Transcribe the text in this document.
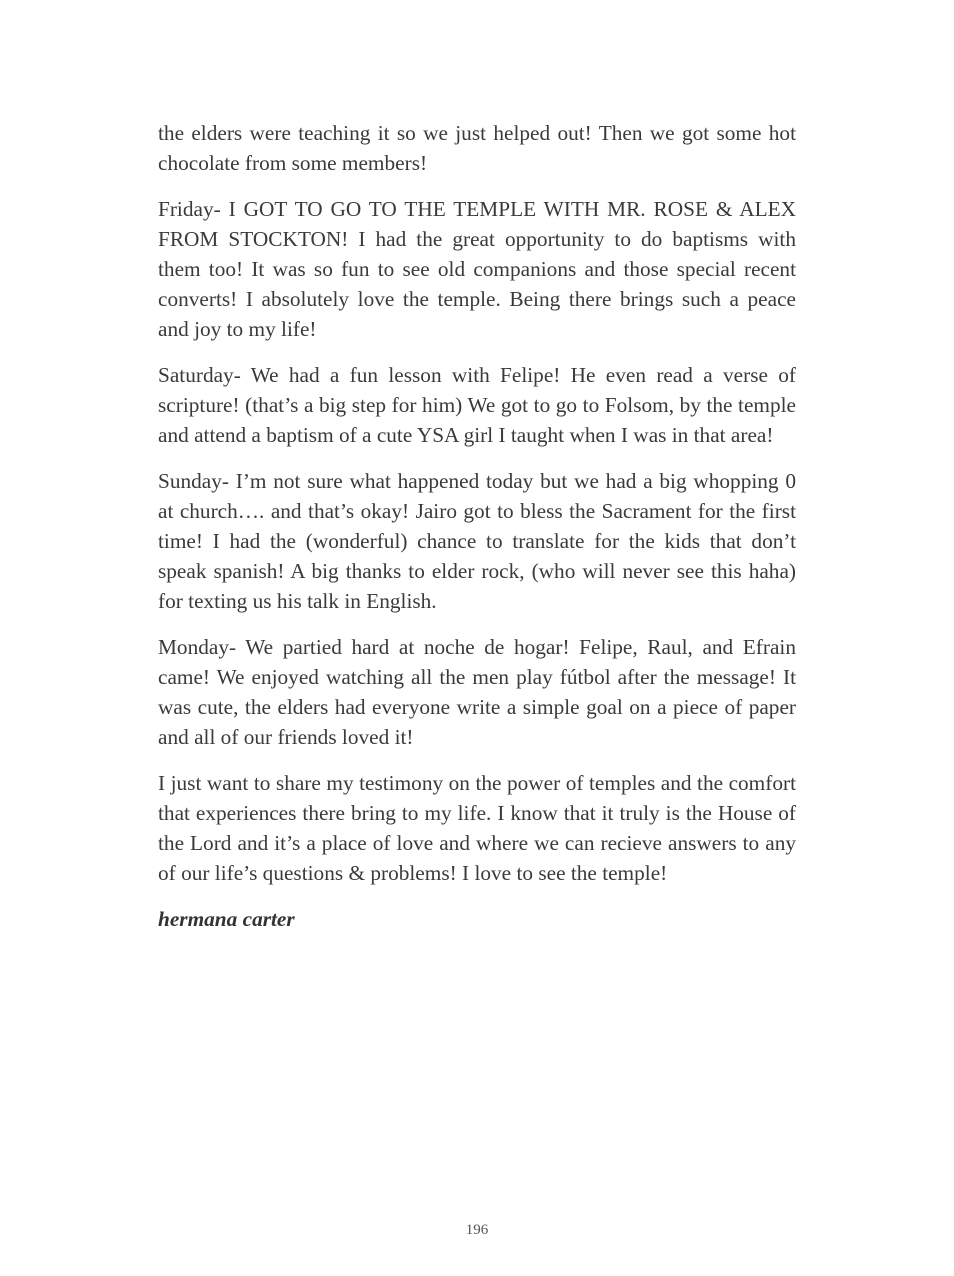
the elders were teaching it so we just helped out! Then we got some hot chocolate from some members!

Friday- I GOT TO GO TO THE TEMPLE WITH MR. ROSE & ALEX FROM STOCKTON! I had the great opportunity to do baptisms with them too! It was so fun to see old companions and those special recent converts! I absolutely love the temple. Being there brings such a peace and joy to my life!

Saturday- We had a fun lesson with Felipe! He even read a verse of scripture! (that’s a big step for him) We got to go to Folsom, by the temple and attend a baptism of a cute YSA girl I taught when I was in that area!

Sunday- I’m not sure what happened today but we had a big whopping 0 at church…. and that’s okay! Jairo got to bless the Sacrament for the first time! I had the (wonderful) chance to translate for the kids that don’t speak spanish! A big thanks to elder rock, (who will never see this haha) for texting us his talk in English.

Monday- We partied hard at noche de hogar! Felipe, Raul, and Efrain came! We enjoyed watching all the men play fútbol after the message! It was cute, the elders had everyone write a simple goal on a piece of paper and all of our friends loved it!

I just want to share my testimony on the power of temples and the comfort that experiences there bring to my life. I know that it truly is the House of the Lord and it’s a place of love and where we can recieve answers to any of our life’s questions & problems! I love to see the temple!

hermana carter

196
